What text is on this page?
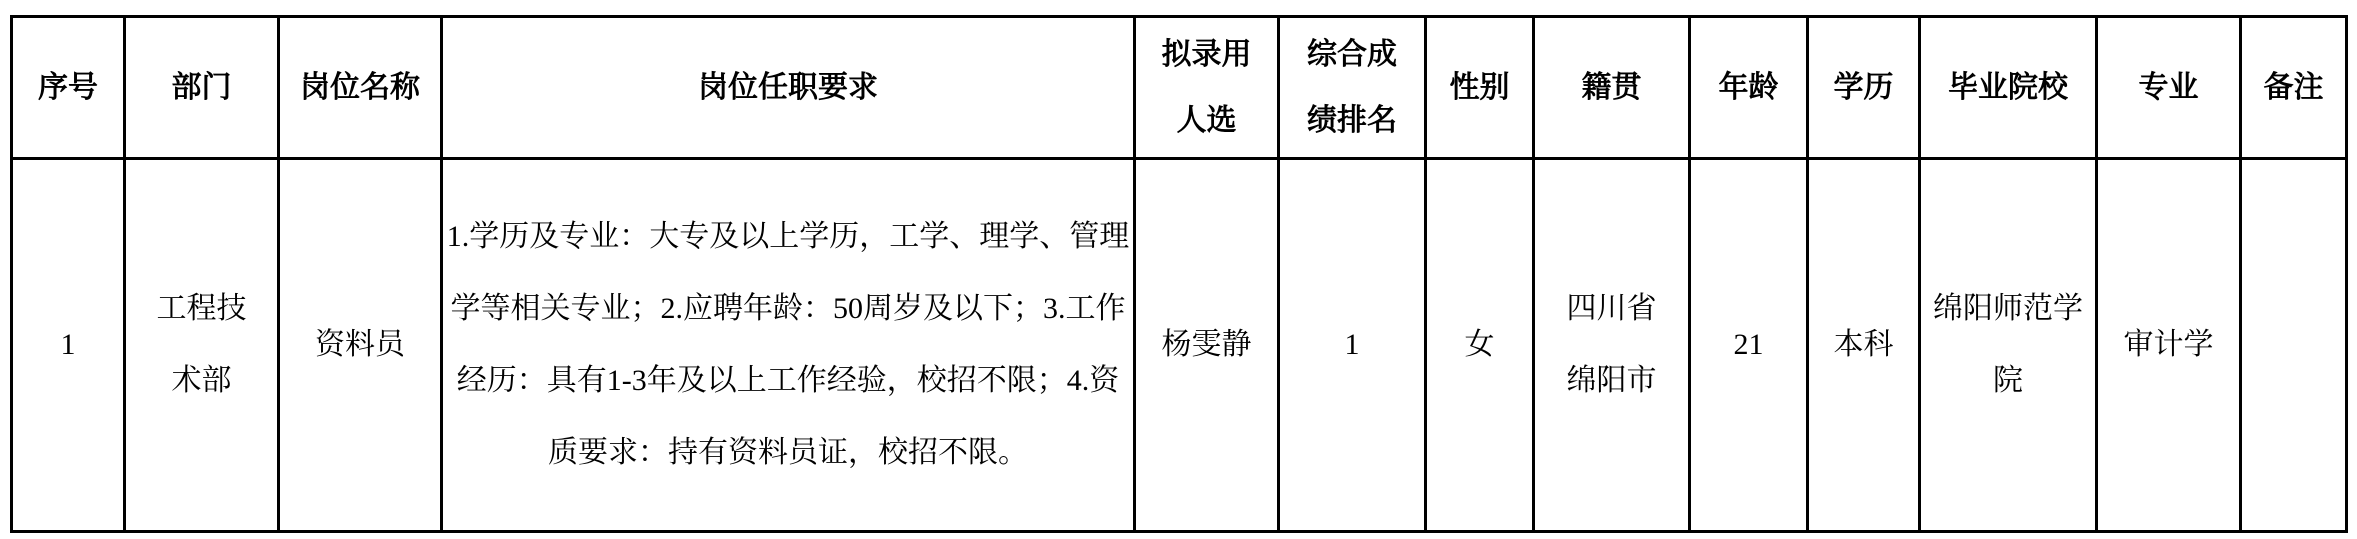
序号	部门	岗位名称	岗位任职要求	拟录用人选	综合成绩排名	性别	籍贯	年龄	学历	毕业院校	专业	备注
1	工程技术部	资料员	1.学历及专业：大专及以上学历，工学、理学、管理学等相关专业；2.应聘年龄：50周岁及以下；3.工作经历：具有1-3年及以上工作经验，校招不限；4.资质要求：持有资料员证，校招不限。	杨雯静	1	女	四川省绵阳市	21	本科	绵阳师范学院	审计学	
